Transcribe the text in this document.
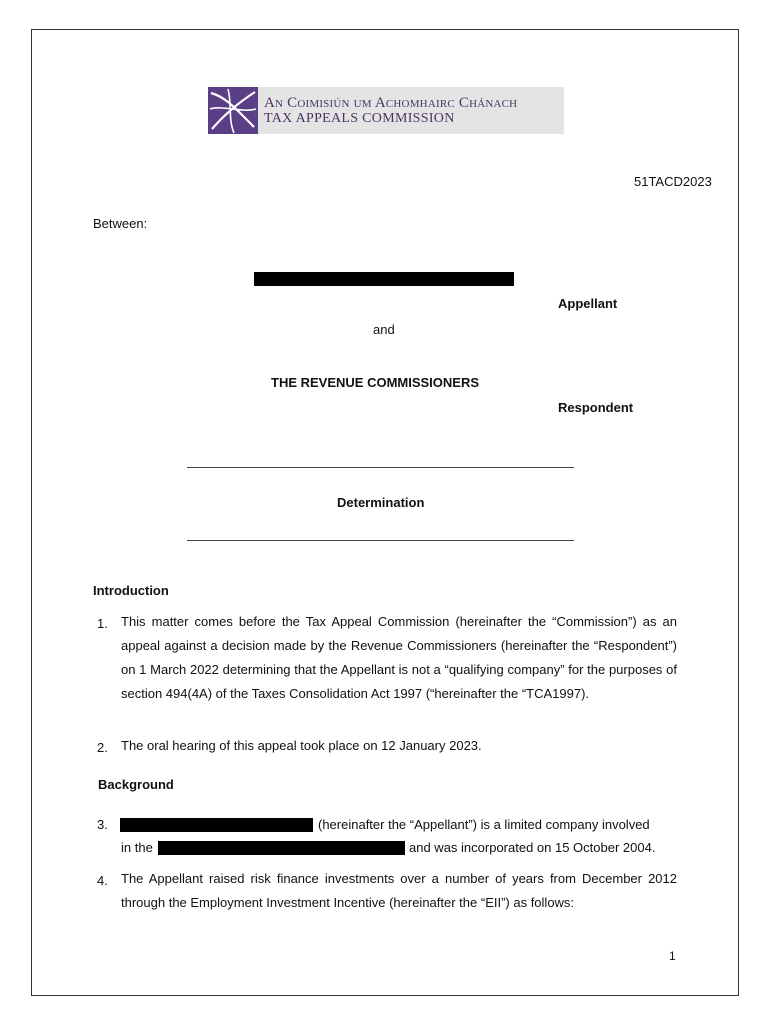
An Coimisiún um Achomhairc Chánach
TAX APPEALS COMMISSION
51TACD2023
Between:
Appellant
and
THE REVENUE COMMISSIONERS
Respondent
Determination
Introduction
1. This matter comes before the Tax Appeal Commission (hereinafter the “Commission”) as an appeal against a decision made by the Revenue Commissioners (hereinafter the “Respondent”) on 1 March 2022 determining that the Appellant is not a “qualifying company” for the purposes of section 494(4A) of the Taxes Consolidation Act 1997 (“hereinafter the “TCA1997).
2. The oral hearing of this appeal took place on 12 January 2023.
Background
3.	(hereinafter the “Appellant”) is a limited company involved
in the	and was incorporated on 15 October 2004.
4. The Appellant raised risk finance investments over a number of years from December 2012 through the Employment Investment Incentive (hereinafter the “EII”) as follows:
1
